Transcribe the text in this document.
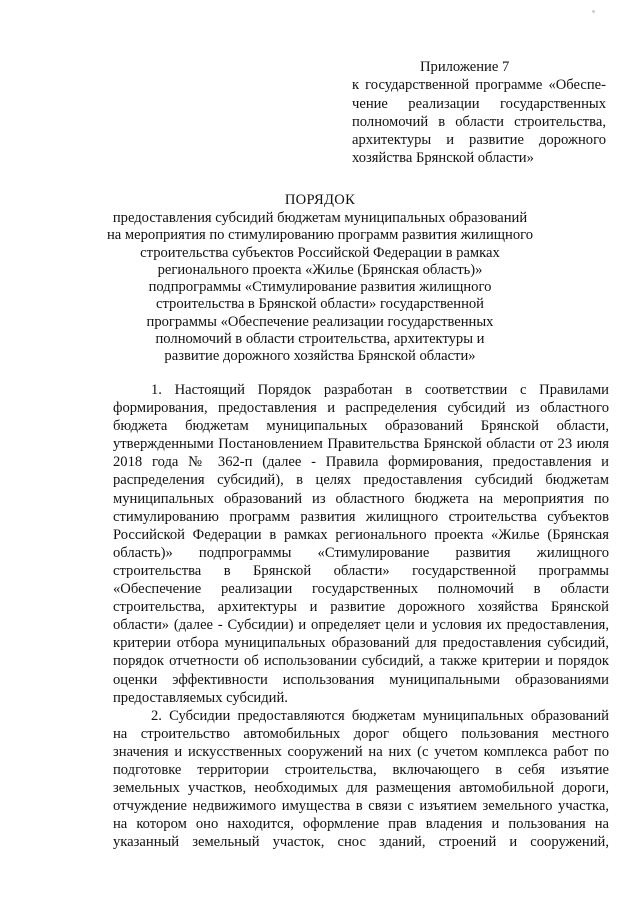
Приложение 7
к государственной программе «Обеспе-
чение реализации государственных
полномочий в области строительства,
архитектуры и развитие дорожного
хозяйства Брянской области»
ПОРЯДОК
предоставления субсидий бюджетам муниципальных образований
на мероприятия по стимулированию программ развития жилищного
строительства субъектов Российской Федерации в рамках
регионального проекта «Жилье (Брянская область)»
подпрограммы «Стимулирование развития жилищного
строительства в Брянской области» государственной
программы «Обеспечение реализации государственных
полномочий в области строительства, архитектуры и
развитие дорожного хозяйства Брянской области»
1. Настоящий Порядок разработан в соответствии с Правилами
формирования, предоставления и распределения субсидий из областного
бюджета бюджетам муниципальных образований Брянской области,
утвержденными Постановлением Правительства Брянской области от 23 июля
2018 года № 362-п (далее - Правила формирования, предоставления и
распределения субсидий), в целях предоставления субсидий бюджетам
муниципальных образований из областного бюджета на мероприятия по
стимулированию программ развития жилищного строительства субъектов
Российской Федерации в рамках регионального проекта «Жилье (Брянская
область)» подпрограммы «Стимулирование развития жилищного
строительства в Брянской области» государственной программы
«Обеспечение реализации государственных полномочий в области
строительства, архитектуры и развитие дорожного хозяйства Брянской
области» (далее - Субсидии) и определяет цели и условия их предоставления,
критерии отбора муниципальных образований для предоставления субсидий,
порядок отчетности об использовании субсидий, а также критерии и порядок
оценки эффективности использования муниципальными образованиями
предоставляемых субсидий.
2. Субсидии предоставляются бюджетам муниципальных образований
на строительство автомобильных дорог общего пользования местного
значения и искусственных сооружений на них (с учетом комплекса работ по
подготовке территории строительства, включающего в себя изъятие
земельных участков, необходимых для размещения автомобильной дороги,
отчуждение недвижимого имущества в связи с изъятием земельного участка,
на котором оно находится, оформление прав владения и пользования на
указанный земельный участок, снос зданий, строений и сооружений,
